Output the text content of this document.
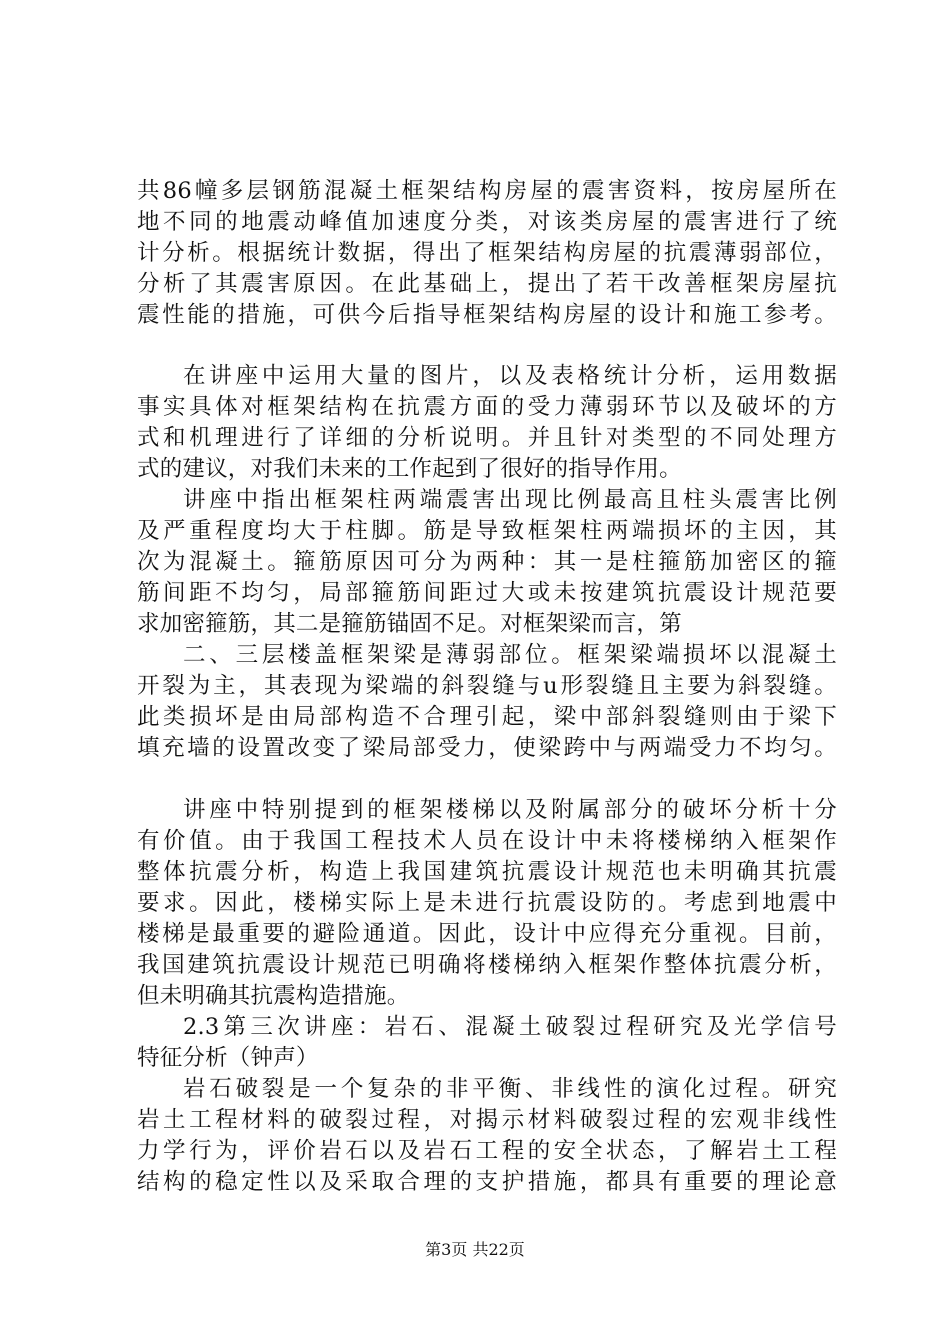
共86幢多层钢筋混凝土框架结构房屋的震害资料，按房屋所在
地不同的地震动峰值加速度分类，对该类房屋的震害进行了统
计分析。根据统计数据，得出了框架结构房屋的抗震薄弱部位，
分析了其震害原因。在此基础上，提出了若干改善框架房屋抗
震性能的措施，可供今后指导框架结构房屋的设计和施工参考。
在讲座中运用大量的图片，以及表格统计分析，运用数据
事实具体对框架结构在抗震方面的受力薄弱环节以及破坏的方
式和机理进行了详细的分析说明。并且针对类型的不同处理方
式的建议，对我们未来的工作起到了很好的指导作用。
讲座中指出框架柱两端震害出现比例最高且柱头震害比例
及严重程度均大于柱脚。筋是导致框架柱两端损坏的主因，其
次为混凝土。箍筋原因可分为两种：其一是柱箍筋加密区的箍
筋间距不均匀，局部箍筋间距过大或未按建筑抗震设计规范要
求加密箍筋，其二是箍筋锚固不足。对框架梁而言，第
二、三层楼盖框架梁是薄弱部位。框架梁端损坏以混凝土
开裂为主，其表现为梁端的斜裂缝与u形裂缝且主要为斜裂缝。
此类损坏是由局部构造不合理引起，梁中部斜裂缝则由于梁下
填充墙的设置改变了梁局部受力，使梁跨中与两端受力不均匀。
讲座中特别提到的框架楼梯以及附属部分的破坏分析十分
有价值。由于我国工程技术人员在设计中未将楼梯纳入框架作
整体抗震分析，构造上我国建筑抗震设计规范也未明确其抗震
要求。因此，楼梯实际上是未进行抗震设防的。考虑到地震中
楼梯是最重要的避险通道。因此，设计中应得充分重视。目前，
我国建筑抗震设计规范已明确将楼梯纳入框架作整体抗震分析，
但未明确其抗震构造措施。
2.3第三次讲座：岩石、混凝土破裂过程研究及光学信号
特征分析（钟声）
岩石破裂是一个复杂的非平衡、非线性的演化过程。研究
岩土工程材料的破裂过程，对揭示材料破裂过程的宏观非线性
力学行为，评价岩石以及岩石工程的安全状态，了解岩土工程
结构的稳定性以及采取合理的支护措施，都具有重要的理论意
第3页 共22页
